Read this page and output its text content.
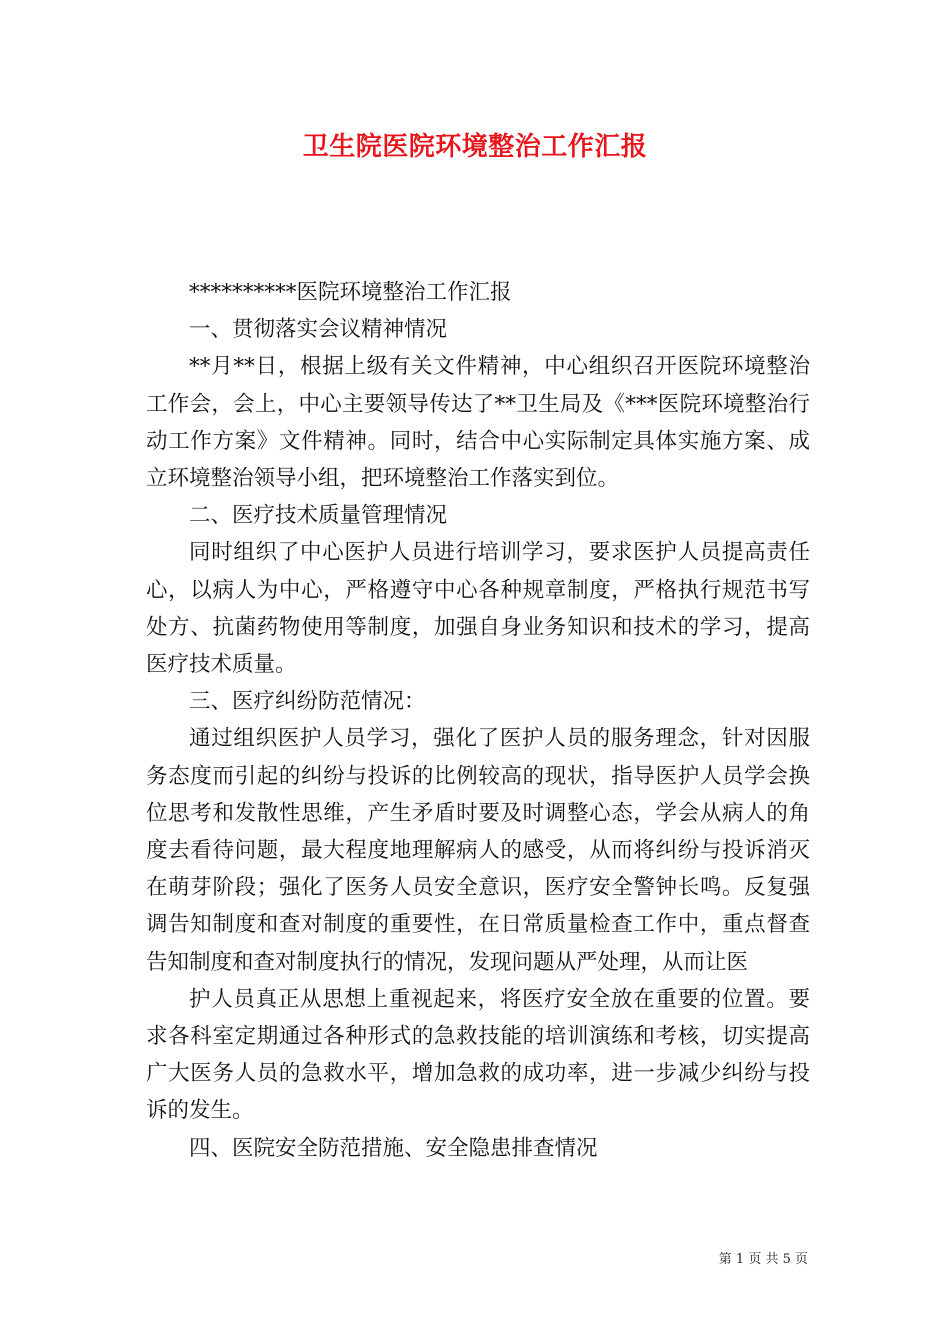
卫生院医院环境整治工作汇报

**********医院环境整治工作汇报

一、贯彻落实会议精神情况

**月**日，根据上级有关文件精神，中心组织召开医院环境整治工作会，会上，中心主要领导传达了**卫生局及《***医院环境整治行动工作方案》文件精神。同时，结合中心实际制定具体实施方案、成立环境整治领导小组，把环境整治工作落实到位。

二、医疗技术质量管理情况

同时组织了中心医护人员进行培训学习，要求医护人员提高责任心，以病人为中心，严格遵守中心各种规章制度，严格执行规范书写处方、抗菌药物使用等制度，加强自身业务知识和技术的学习，提高医疗技术质量。

三、医疗纠纷防范情况：

通过组织医护人员学习，强化了医护人员的服务理念，针对因服务态度而引起的纠纷与投诉的比例较高的现状，指导医护人员学会换位思考和发散性思维，产生矛盾时要及时调整心态，学会从病人的角度去看待问题，最大程度地理解病人的感受，从而将纠纷与投诉消灭在萌芽阶段；强化了医务人员安全意识，医疗安全警钟长鸣。反复强调告知制度和查对制度的重要性，在日常质量检查工作中，重点督查告知制度和查对制度执行的情况，发现问题从严处理，从而让医

护人员真正从思想上重视起来，将医疗安全放在重要的位置。要求各科室定期通过各种形式的急救技能的培训演练和考核，切实提高广大医务人员的急救水平，增加急救的成功率，进一步减少纠纷与投诉的发生。

四、医院安全防范措施、安全隐患排查情况

第 1 页 共 5 页
